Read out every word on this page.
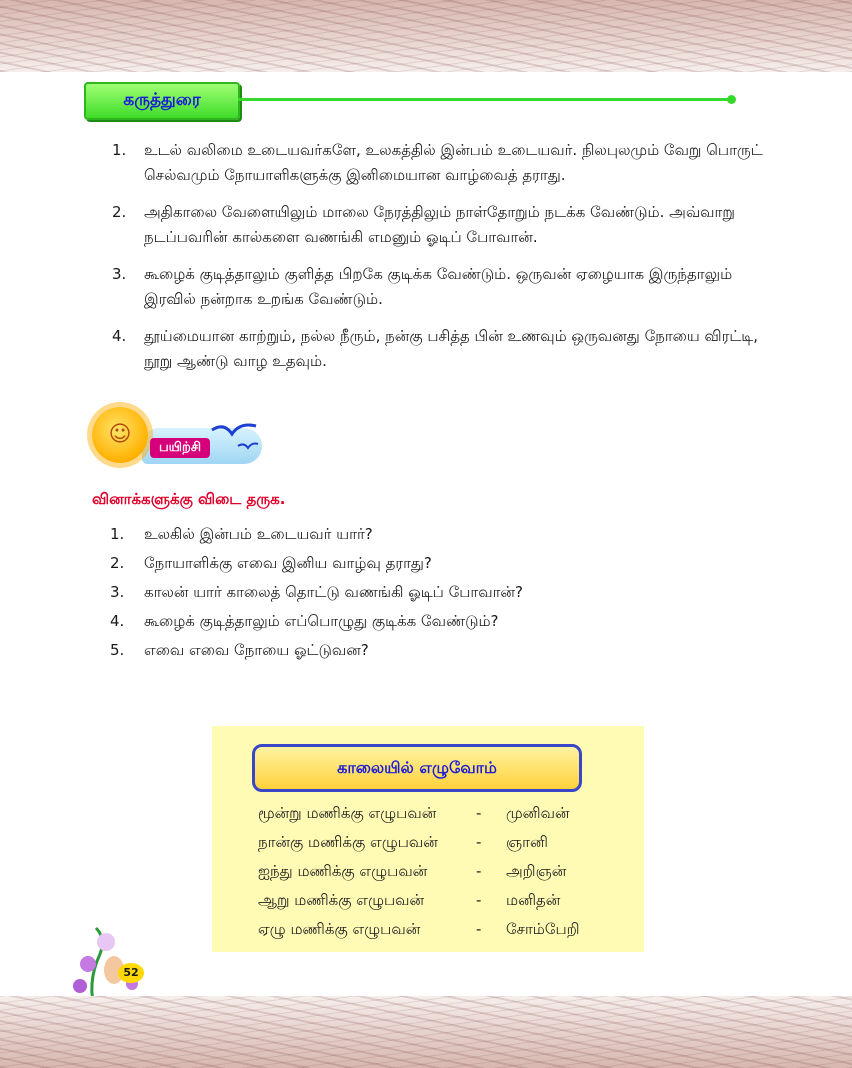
கருத்துரை
1. உடல் வலிமை உடையவர்களே, உலகத்தில் இன்பம் உடையவர். நிலபுலமும் வேறு பொருட் செல்வமும் நோயாளிகளுக்கு இனிமையான வாழ்வைத் தராது.
2. அதிகாலை வேளையிலும் மாலை நேரத்திலும் நாள்தோறும் நடக்க வேண்டும். அவ்வாறு நடப்பவரின் கால்களை வணங்கி எமனும் ஓடிப் போவான்.
3. கூழைக் குடித்தாலும் குளித்த பிறகே குடிக்க வேண்டும். ஒருவன் ஏழையாக இருந்தாலும் இரவில் நன்றாக உறங்க வேண்டும்.
4. தூய்மையான காற்றும், நல்ல நீரும், நன்கு பசித்த பின் உணவும் ஒருவனது நோயை விரட்டி, நூறு ஆண்டு வாழ உதவும்.
☺
பயிற்சி
வினாக்களுக்கு விடை தருக.
1. உலகில் இன்பம் உடையவர் யார்?
2. நோயாளிக்கு எவை இனிய வாழ்வு தராது?
3. காலன் யார் காலைத் தொட்டு வணங்கி ஓடிப் போவான்?
4. கூழைக் குடித்தாலும் எப்பொழுது குடிக்க வேண்டும்?
5. எவை எவை நோயை ஓட்டுவன?
காலையில் எழுவோம்
மூன்று மணிக்கு எழுபவன்	-	முனிவன்
நான்கு மணிக்கு எழுபவன்	-	ஞானி
ஐந்து மணிக்கு எழுபவன்	-	அறிஞன்
ஆறு மணிக்கு எழுபவன்	-	மனிதன்
ஏழு மணிக்கு எழுபவன்	-	சோம்பேறி
52
